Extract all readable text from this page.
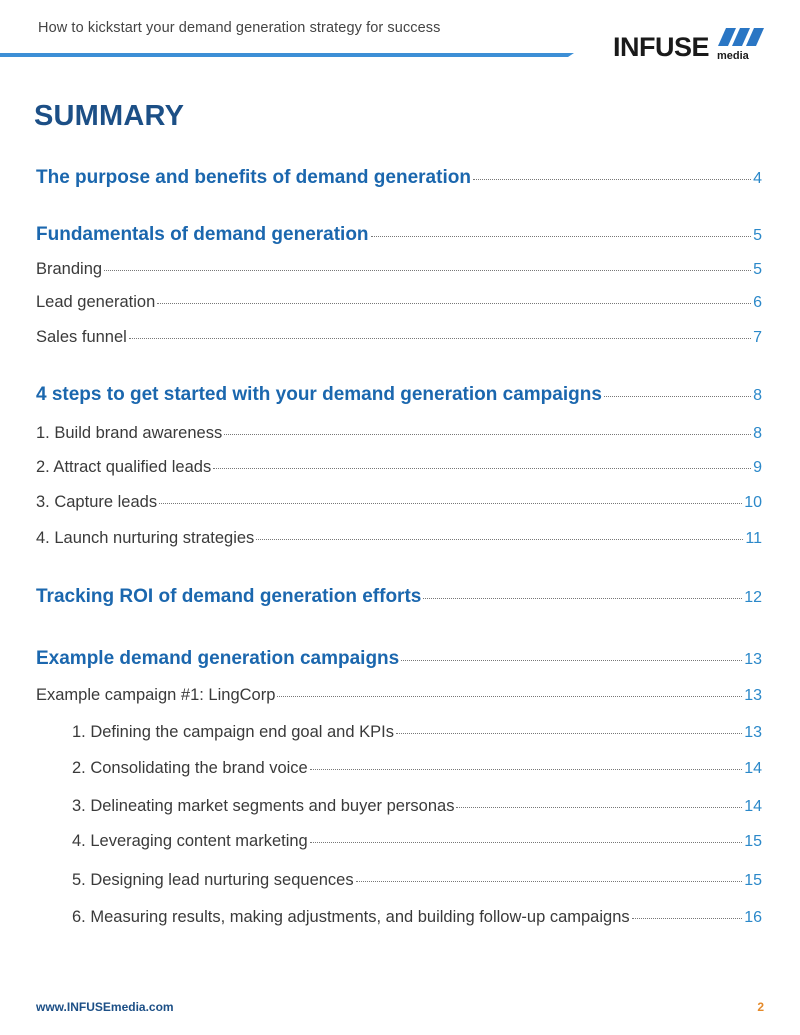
How to kickstart your demand generation strategy for success
INFUSE media
SUMMARY
The purpose and benefits of demand generation	4
Fundamentals of demand generation	5
Branding	5
Lead generation	6
Sales funnel	7
4 steps to get started with your demand generation campaigns	8
1. Build brand awareness	8
2. Attract qualified leads	9
3. Capture leads	10
4. Launch nurturing strategies	11
Tracking ROI of demand generation efforts	12
Example demand generation campaigns	13
Example campaign #1: LingCorp	13
1. Defining the campaign end goal and KPIs	13
2. Consolidating the brand voice	14
3. Delineating market segments and buyer personas	14
4. Leveraging content marketing	15
5. Designing lead nurturing sequences	15
6. Measuring results, making adjustments, and building follow-up campaigns	16
www.INFUSEmedia.com	2
